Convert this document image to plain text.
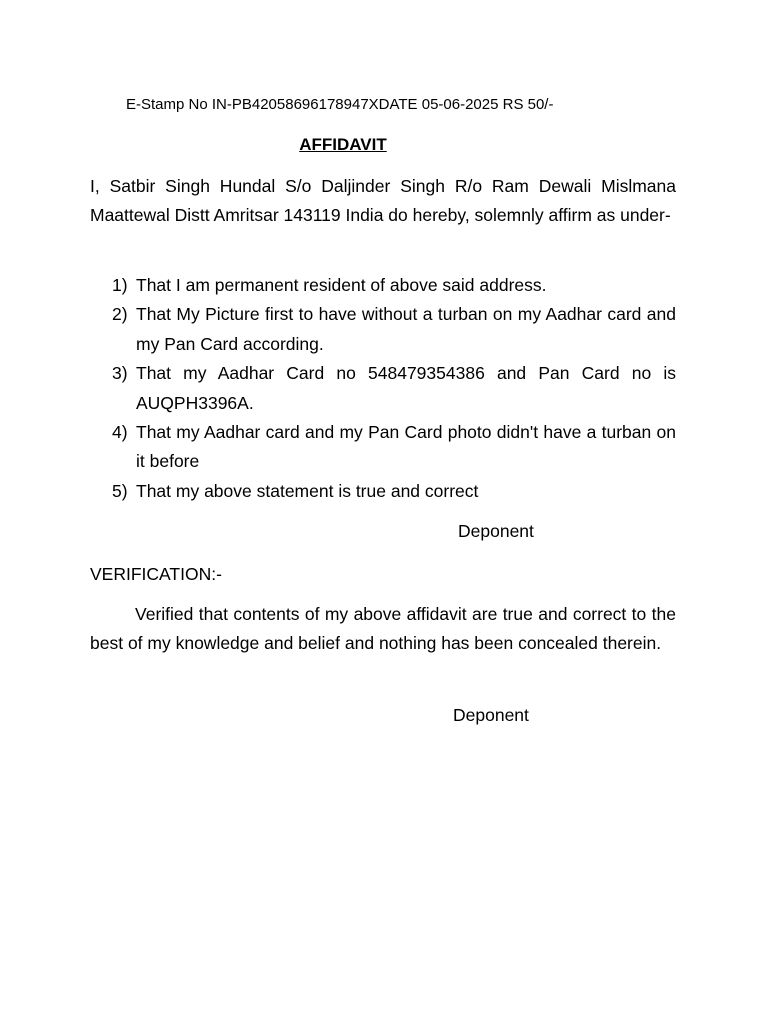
E-Stamp No IN-PB42058696178947XDATE 05-06-2025 RS 50/-
AFFIDAVIT
I, Satbir Singh Hundal S/o Daljinder Singh R/o Ram Dewali Mislmana Maattewal Distt Amritsar 143119 India do hereby, solemnly affirm as under-
1) That I am permanent resident of above said address.
2) That My Picture first to have without a turban on my Aadhar card and my Pan Card according.
3) That my Aadhar Card no 548479354386 and Pan Card no is AUQPH3396A.
4) That my Aadhar card and my Pan Card photo didn't have a turban on it before
5) That my above statement is true and correct
Deponent
VERIFICATION:-
Verified that contents of my above affidavit are true and correct to the best of my knowledge and belief and nothing has been concealed therein.
Deponent
